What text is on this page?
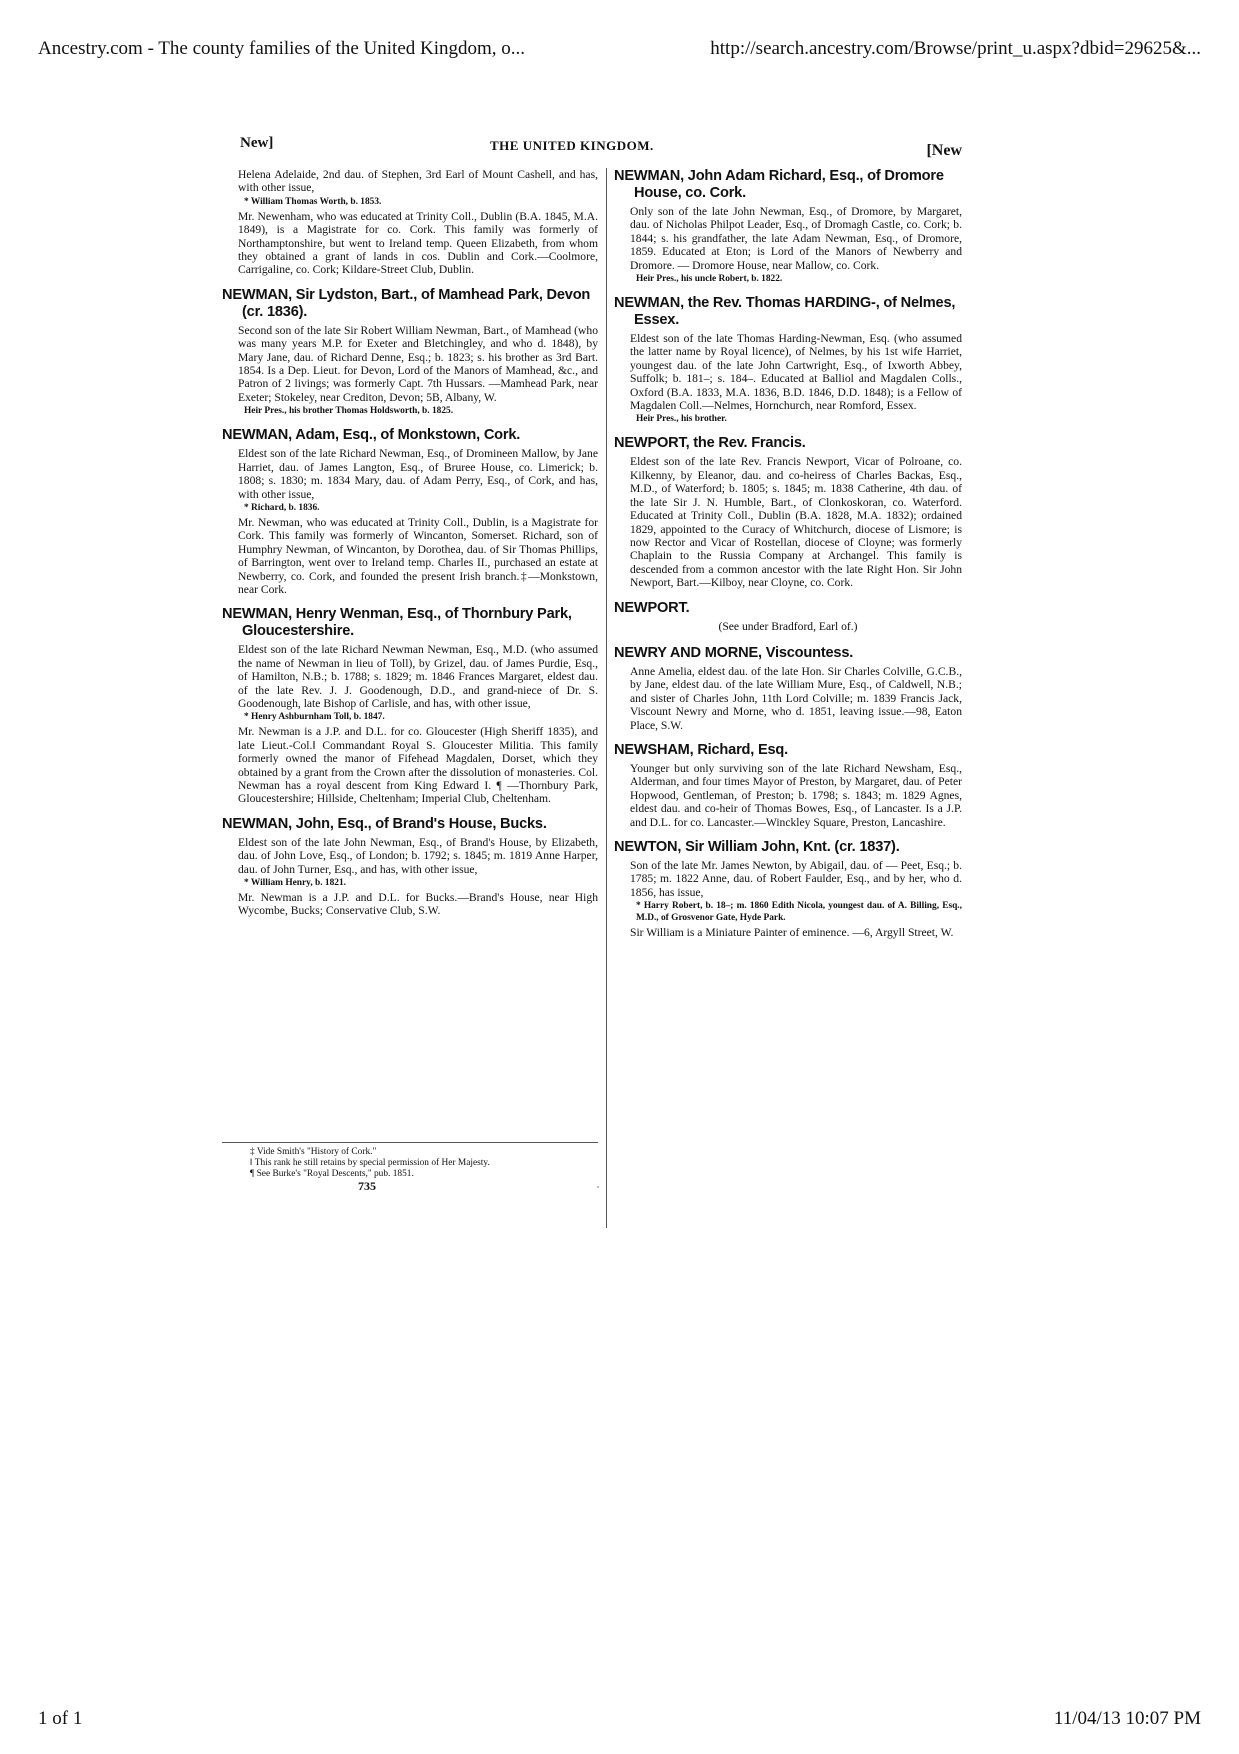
Ancestry.com - The county families of the United Kingdom, o...	http://search.ancestry.com/Browse/print_u.aspx?dbid=29625&...
New]	THE UNITED KINGDOM.	[New

Helena Adelaide, 2nd dau. of Stephen, 3rd Earl of Mount Cashell, and has, with other issue,

* William Thomas Worth, b. 1853.

Mr. Newenham, who was educated at Trinity Coll., Dublin (B.A. 1845, M.A. 1849), is a Magistrate for co. Cork. This family was formerly of Northamptonshire, but went to Ireland temp. Queen Elizabeth, from whom they obtained a grant of lands in cos. Dublin and Cork.—Coolmore, Carrigaline, co. Cork; Kildare-Street Club, Dublin.

NEWMAN, Sir Lydston, Bart., of Mamhead Park, Devon (cr. 1836).

Second son of the late Sir Robert William Newman, Bart., of Mamhead (who was many years M.P. for Exeter and Bletchingley, and who d. 1848), by Mary Jane, dau. of Richard Denne, Esq.; b. 1823; s. his brother as 3rd Bart. 1854. Is a Dep. Lieut. for Devon, Lord of the Manors of Mamhead, &c., and Patron of 2 livings; was formerly Capt. 7th Hussars. —Mamhead Park, near Exeter; Stokeley, near Crediton, Devon; 5B, Albany, W.

Heir Pres., his brother Thomas Holdsworth, b. 1825.

NEWMAN, Adam, Esq., of Monkstown, Cork.

Eldest son of the late Richard Newman, Esq., of Dromineen Mallow, by Jane Harriet, dau. of James Langton, Esq., of Bruree House, co. Limerick; b. 1808; s. 1830; m. 1834 Mary, dau. of Adam Perry, Esq., of Cork, and has, with other issue,

* Richard, b. 1836.

Mr. Newman, who was educated at Trinity Coll., Dublin, is a Magistrate for Cork. This family was formerly of Wincanton, Somerset. Richard, son of Humphry Newman, of Wincanton, by Dorothea, dau. of Sir Thomas Phillips, of Barrington, went over to Ireland temp. Charles II., purchased an estate at Newberry, co. Cork, and founded the present Irish branch.‡—Monkstown, near Cork.

NEWMAN, Henry Wenman, Esq., of Thornbury Park, Gloucestershire.

Eldest son of the late Richard Newman Newman, Esq., M.D. (who assumed the name of Newman in lieu of Toll), by Grizel, dau. of James Purdie, Esq., of Hamilton, N.B.; b. 1788; s. 1829; m. 1846 Frances Margaret, eldest dau. of the late Rev. J. J. Goodenough, D.D., and grand-niece of Dr. S. Goodenough, late Bishop of Carlisle, and has, with other issue,

* Henry Ashburnham Toll, b. 1847.

Mr. Newman is a J.P. and D.L. for co. Gloucester (High Sheriff 1835), and late Lieut.-Col.‖ Commandant Royal S. Gloucester Militia. This family formerly owned the manor of Fifehead Magdalen, Dorset, which they obtained by a grant from the Crown after the dissolution of monasteries. Col. Newman has a royal descent from King Edward I. ¶ —Thornbury Park, Gloucestershire; Hillside, Cheltenham; Imperial Club, Cheltenham.

NEWMAN, John, Esq., of Brand's House, Bucks.

Eldest son of the late John Newman, Esq., of Brand's House, by Elizabeth, dau. of John Love, Esq., of London; b. 1792; s. 1845; m. 1819 Anne Harper, dau. of John Turner, Esq., and has, with other issue,

* William Henry, b. 1821.

Mr. Newman is a J.P. and D.L. for Bucks.—Brand's House, near High Wycombe, Bucks; Conservative Club, S.W.

NEWMAN, John Adam Richard, Esq., of Dromore House, co. Cork.

Only son of the late John Newman, Esq., of Dromore, by Margaret, dau. of Nicholas Philpot Leader, Esq., of Dromagh Castle, co. Cork; b. 1844; s. his grandfather, the late Adam Newman, Esq., of Dromore, 1859. Educated at Eton; is Lord of the Manors of Newberry and Dromore. — Dromore House, near Mallow, co. Cork.

Heir Pres., his uncle Robert, b. 1822.

NEWMAN, the Rev. Thomas HARDING-, of Nelmes, Essex.

Eldest son of the late Thomas Harding-Newman, Esq. (who assumed the latter name by Royal licence), of Nelmes, by his 1st wife Harriet, youngest dau. of the late John Cartwright, Esq., of Ixworth Abbey, Suffolk; b. 181–; s. 184–. Educated at Balliol and Magdalen Colls., Oxford (B.A. 1833, M.A. 1836, B.D. 1846, D.D. 1848); is a Fellow of Magdalen Coll.—Nelmes, Hornchurch, near Romford, Essex.

Heir Pres., his brother.

NEWPORT, the Rev. Francis.

Eldest son of the late Rev. Francis Newport, Vicar of Polroane, co. Kilkenny, by Eleanor, dau. and co-heiress of Charles Backas, Esq., M.D., of Waterford; b. 1805; s. 1845; m. 1838 Catherine, 4th dau. of the late Sir J. N. Humble, Bart., of Clonkoskoran, co. Waterford. Educated at Trinity Coll., Dublin (B.A. 1828, M.A. 1832); ordained 1829, appointed to the Curacy of Whitchurch, diocese of Lismore; is now Rector and Vicar of Rostellan, diocese of Cloyne; was formerly Chaplain to the Russia Company at Archangel. This family is descended from a common ancestor with the late Right Hon. Sir John Newport, Bart.—Kilboy, near Cloyne, co. Cork.

NEWPORT.

(See under Bradford, Earl of.)

NEWRY AND MORNE, Viscountess.

Anne Amelia, eldest dau. of the late Hon. Sir Charles Colville, G.C.B., by Jane, eldest dau. of the late William Mure, Esq., of Caldwell, N.B.; and sister of Charles John, 11th Lord Colville; m. 1839 Francis Jack, Viscount Newry and Morne, who d. 1851, leaving issue.—98, Eaton Place, S.W.

NEWSHAM, Richard, Esq.

Younger but only surviving son of the late Richard Newsham, Esq., Alderman, and four times Mayor of Preston, by Margaret, dau. of Peter Hopwood, Gentleman, of Preston; b. 1798; s. 1843; m. 1829 Agnes, eldest dau. and co-heir of Thomas Bowes, Esq., of Lancaster. Is a J.P. and D.L. for co. Lancaster.—Winckley Square, Preston, Lancashire.

NEWTON, Sir William John, Knt. (cr. 1837).

Son of the late Mr. James Newton, by Abigail, dau. of — Peet, Esq.; b. 1785; m. 1822 Anne, dau. of Robert Faulder, Esq., and by her, who d. 1856, has issue,

* Harry Robert, b. 18–; m. 1860 Edith Nicola, youngest dau. of A. Billing, Esq., M.D., of Grosvenor Gate, Hyde Park.

Sir William is a Miniature Painter of eminence. —6, Argyll Street, W.

‡ Vide Smith's "History of Cork."
‖ This rank he still retains by special permission of Her Majesty.
¶ See Burke's "Royal Descents," pub. 1851.
735
1 of 1	11/04/13 10:07 PM
